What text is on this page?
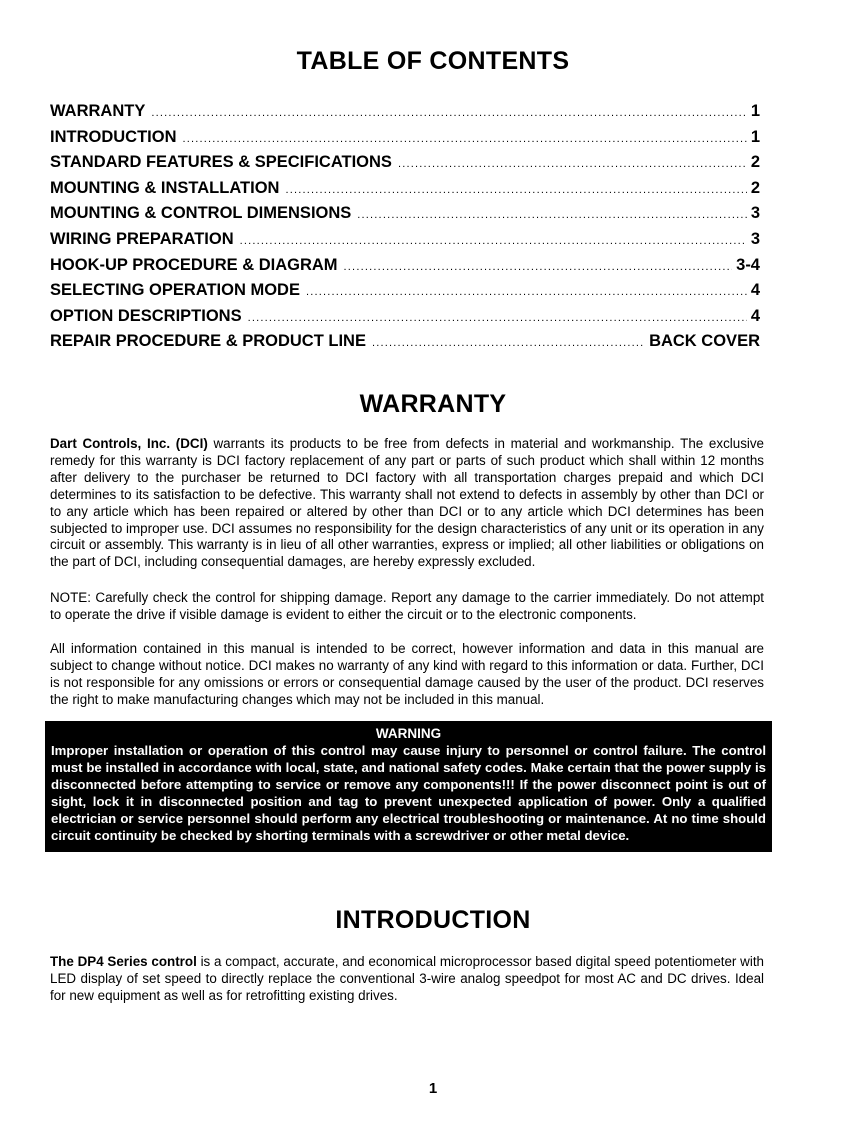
TABLE OF CONTENTS
WARRANTY .....	1
INTRODUCTION .....	1
STANDARD FEATURES & SPECIFICATIONS .....	2
MOUNTING & INSTALLATION .....	2
MOUNTING & CONTROL DIMENSIONS .....	3
WIRING PREPARATION .....	3
HOOK-UP PROCEDURE & DIAGRAM .....	3-4
SELECTING OPERATION MODE .....	4
OPTION DESCRIPTIONS .....	4
REPAIR PROCEDURE & PRODUCT LINE .....	BACK COVER
WARRANTY
Dart Controls, Inc. (DCI) warrants its products to be free from defects in material and workmanship. The exclusive remedy for this warranty is DCI factory replacement of any part or parts of such product which shall within 12 months after delivery to the purchaser be returned to DCI factory with all transportation charges prepaid and which DCI determines to its satisfaction to be defective. This warranty shall not extend to defects in assembly by other than DCI or to any article which has been repaired or altered by other than DCI or to any article which DCI determines has been subjected to improper use. DCI assumes no responsibility for the design characteristics of any unit or its operation in any circuit or assembly. This warranty is in lieu of all other warranties, express or implied; all other liabilities or obligations on the part of DCI, including consequential damages, are hereby expressly excluded.
NOTE: Carefully check the control for shipping damage. Report any damage to the carrier immediately. Do not attempt to operate the drive if visible damage is evident to either the circuit or to the electronic components.
All information contained in this manual is intended to be correct, however information and data in this manual are subject to change without notice. DCI makes no warranty of any kind with regard to this information or data. Further, DCI is not responsible for any omissions or errors or consequential damage caused by the user of the product. DCI reserves the right to make manufacturing changes which may not be included in this manual.
WARNING
Improper installation or operation of this control may cause injury to personnel or control failure. The control must be installed in accordance with local, state, and national safety codes. Make certain that the power supply is disconnected before attempting to service or remove any components!!! If the power disconnect point is out of sight, lock it in disconnected position and tag to prevent unexpected application of power. Only a qualified electrician or service personnel should perform any electrical troubleshooting or maintenance. At no time should circuit continuity be checked by shorting terminals with a screwdriver or other metal device.
INTRODUCTION
The DP4 Series control is a compact, accurate, and economical microprocessor based digital speed potentiometer with LED display of set speed to directly replace the conventional 3-wire analog speedpot for most AC and DC drives. Ideal for new equipment as well as for retrofitting existing drives.
1
